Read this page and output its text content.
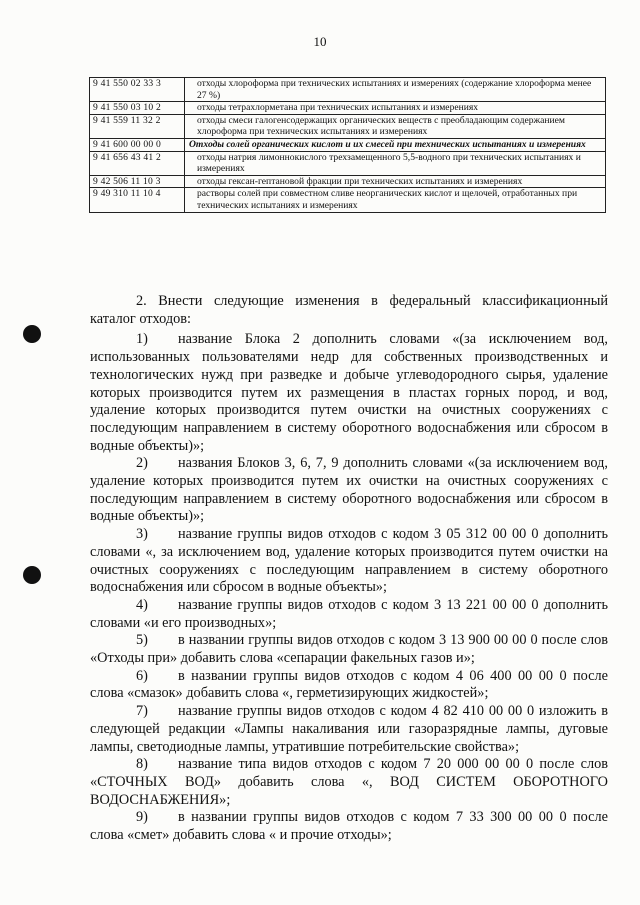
10
9 41 550 02 33 3	отходы хлороформа при технических испытаниях и измерениях (содержание хлороформа менее 27 %)
9 41 550 03 10 2	отходы тетрахлорметана при технических испытаниях и измерениях
9 41 559 11 32 2	отходы смеси галогенсодержащих органических веществ с преобладающим содержанием хлороформа при технических испытаниях и измерениях
9 41 600 00 00 0	Отходы солей органических кислот и их смесей при технических испытаниях и измерениях
9 41 656 43 41 2	отходы натрия лимоннокислого трехзамещенного 5,5-водного при технических испытаниях и измерениях
9 42 506 11 10 3	отходы гексан-гептановой фракции при технических испытаниях и измерениях
9 49 310 11 10 4	растворы солей при совместном сливе неорганических кислот и щелочей, отработанных при технических испытаниях и измерениях

2. Внести следующие изменения в федеральный классификационный каталог отходов:

1) название Блока 2 дополнить словами «(за исключением вод, использованных пользователями недр для собственных производственных и технологических нужд при разведке и добыче углеводородного сырья, удаление которых производится путем их размещения в пластах горных пород, и вод, удаление которых производится путем очистки на очистных сооружениях с последующим направлением в систему оборотного водоснабжения или сбросом в водные объекты)»;

2) названия Блоков 3, 6, 7, 9 дополнить словами «(за исключением вод, удаление которых производится путем их очистки на очистных сооружениях с последующим направлением в систему оборотного водоснабжения или сбросом в водные объекты)»;

3) название группы видов отходов с кодом 3 05 312 00 00 0 дополнить словами «, за исключением вод, удаление которых производится путем очистки на очистных сооружениях с последующим направлением в систему оборотного водоснабжения или сбросом в водные объекты»;

4) название группы видов отходов с кодом 3 13 221 00 00 0 дополнить словами «и его производных»;

5) в названии группы видов отходов с кодом 3 13 900 00 00 0 после слов «Отходы при» добавить слова «сепарации факельных газов и»;

6) в названии группы видов отходов с кодом 4 06 400 00 00 0 после слова «смазок» добавить слова «, герметизирующих жидкостей»;

7) название группы видов отходов с кодом 4 82 410 00 00 0 изложить в следующей редакции «Лампы накаливания или газоразрядные лампы, дуговые лампы, светодиодные лампы, утратившие потребительские свойства»;

8) название типа видов отходов с кодом 7 20 000 00 00 0 после слов «СТОЧНЫХ ВОД» добавить слова «, ВОД СИСТЕМ ОБОРОТНОГО ВОДОСНАБЖЕНИЯ»;

9) в названии группы видов отходов с кодом 7 33 300 00 00 0 после слова «смет» добавить слова « и прочие отходы»;
